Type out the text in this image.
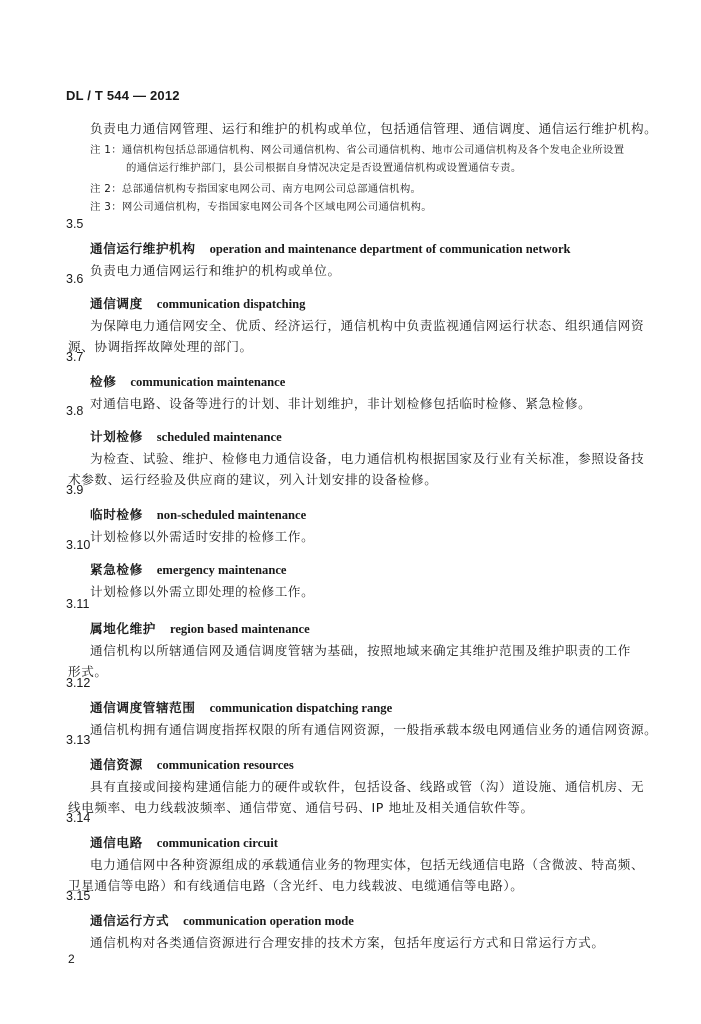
DL / T 544 — 2012
负责电力通信网管理、运行和维护的机构或单位，包括通信管理、通信调度、通信运行维护机构。
注 1：通信机构包括总部通信机构、网公司通信机构、省公司通信机构、地市公司通信机构及各个发电企业所设置
的通信运行维护部门，县公司根据自身情况决定是否设置通信机构或设置通信专责。
注 2：总部通信机构专指国家电网公司、南方电网公司总部通信机构。
注 3：网公司通信机构，专指国家电网公司各个区域电网公司通信机构。
3.5
通信运行维护机构 operation and maintenance department of communication network
负责电力通信网运行和维护的机构或单位。
3.6
通信调度 communication dispatching
为保障电力通信网安全、优质、经济运行，通信机构中负责监视通信网运行状态、组织通信网资
源、协调指挥故障处理的部门。
3.7
检修 communication maintenance
对通信电路、设备等进行的计划、非计划维护，非计划检修包括临时检修、紧急检修。
3.8
计划检修 scheduled maintenance
为检查、试验、维护、检修电力通信设备，电力通信机构根据国家及行业有关标准，参照设备技
术参数、运行经验及供应商的建议，列入计划安排的设备检修。
3.9
临时检修 non-scheduled maintenance
计划检修以外需适时安排的检修工作。
3.10
紧急检修 emergency maintenance
计划检修以外需立即处理的检修工作。
3.11
属地化维护 region based maintenance
通信机构以所辖通信网及通信调度管辖为基础，按照地域来确定其维护范围及维护职责的工作
形式。
3.12
通信调度管辖范围 communication dispatching range
通信机构拥有通信调度指挥权限的所有通信网资源，一般指承载本级电网通信业务的通信网资源。
3.13
通信资源 communication resources
具有直接或间接构建通信能力的硬件或软件，包括设备、线路或管（沟）道设施、通信机房、无
线电频率、电力线载波频率、通信带宽、通信号码、IP 地址及相关通信软件等。
3.14
通信电路 communication circuit
电力通信网中各种资源组成的承载通信业务的物理实体，包括无线通信电路（含微波、特高频、
卫星通信等电路）和有线通信电路（含光纤、电力线载波、电缆通信等电路）。
3.15
通信运行方式 communication operation mode
通信机构对各类通信资源进行合理安排的技术方案，包括年度运行方式和日常运行方式。
2
